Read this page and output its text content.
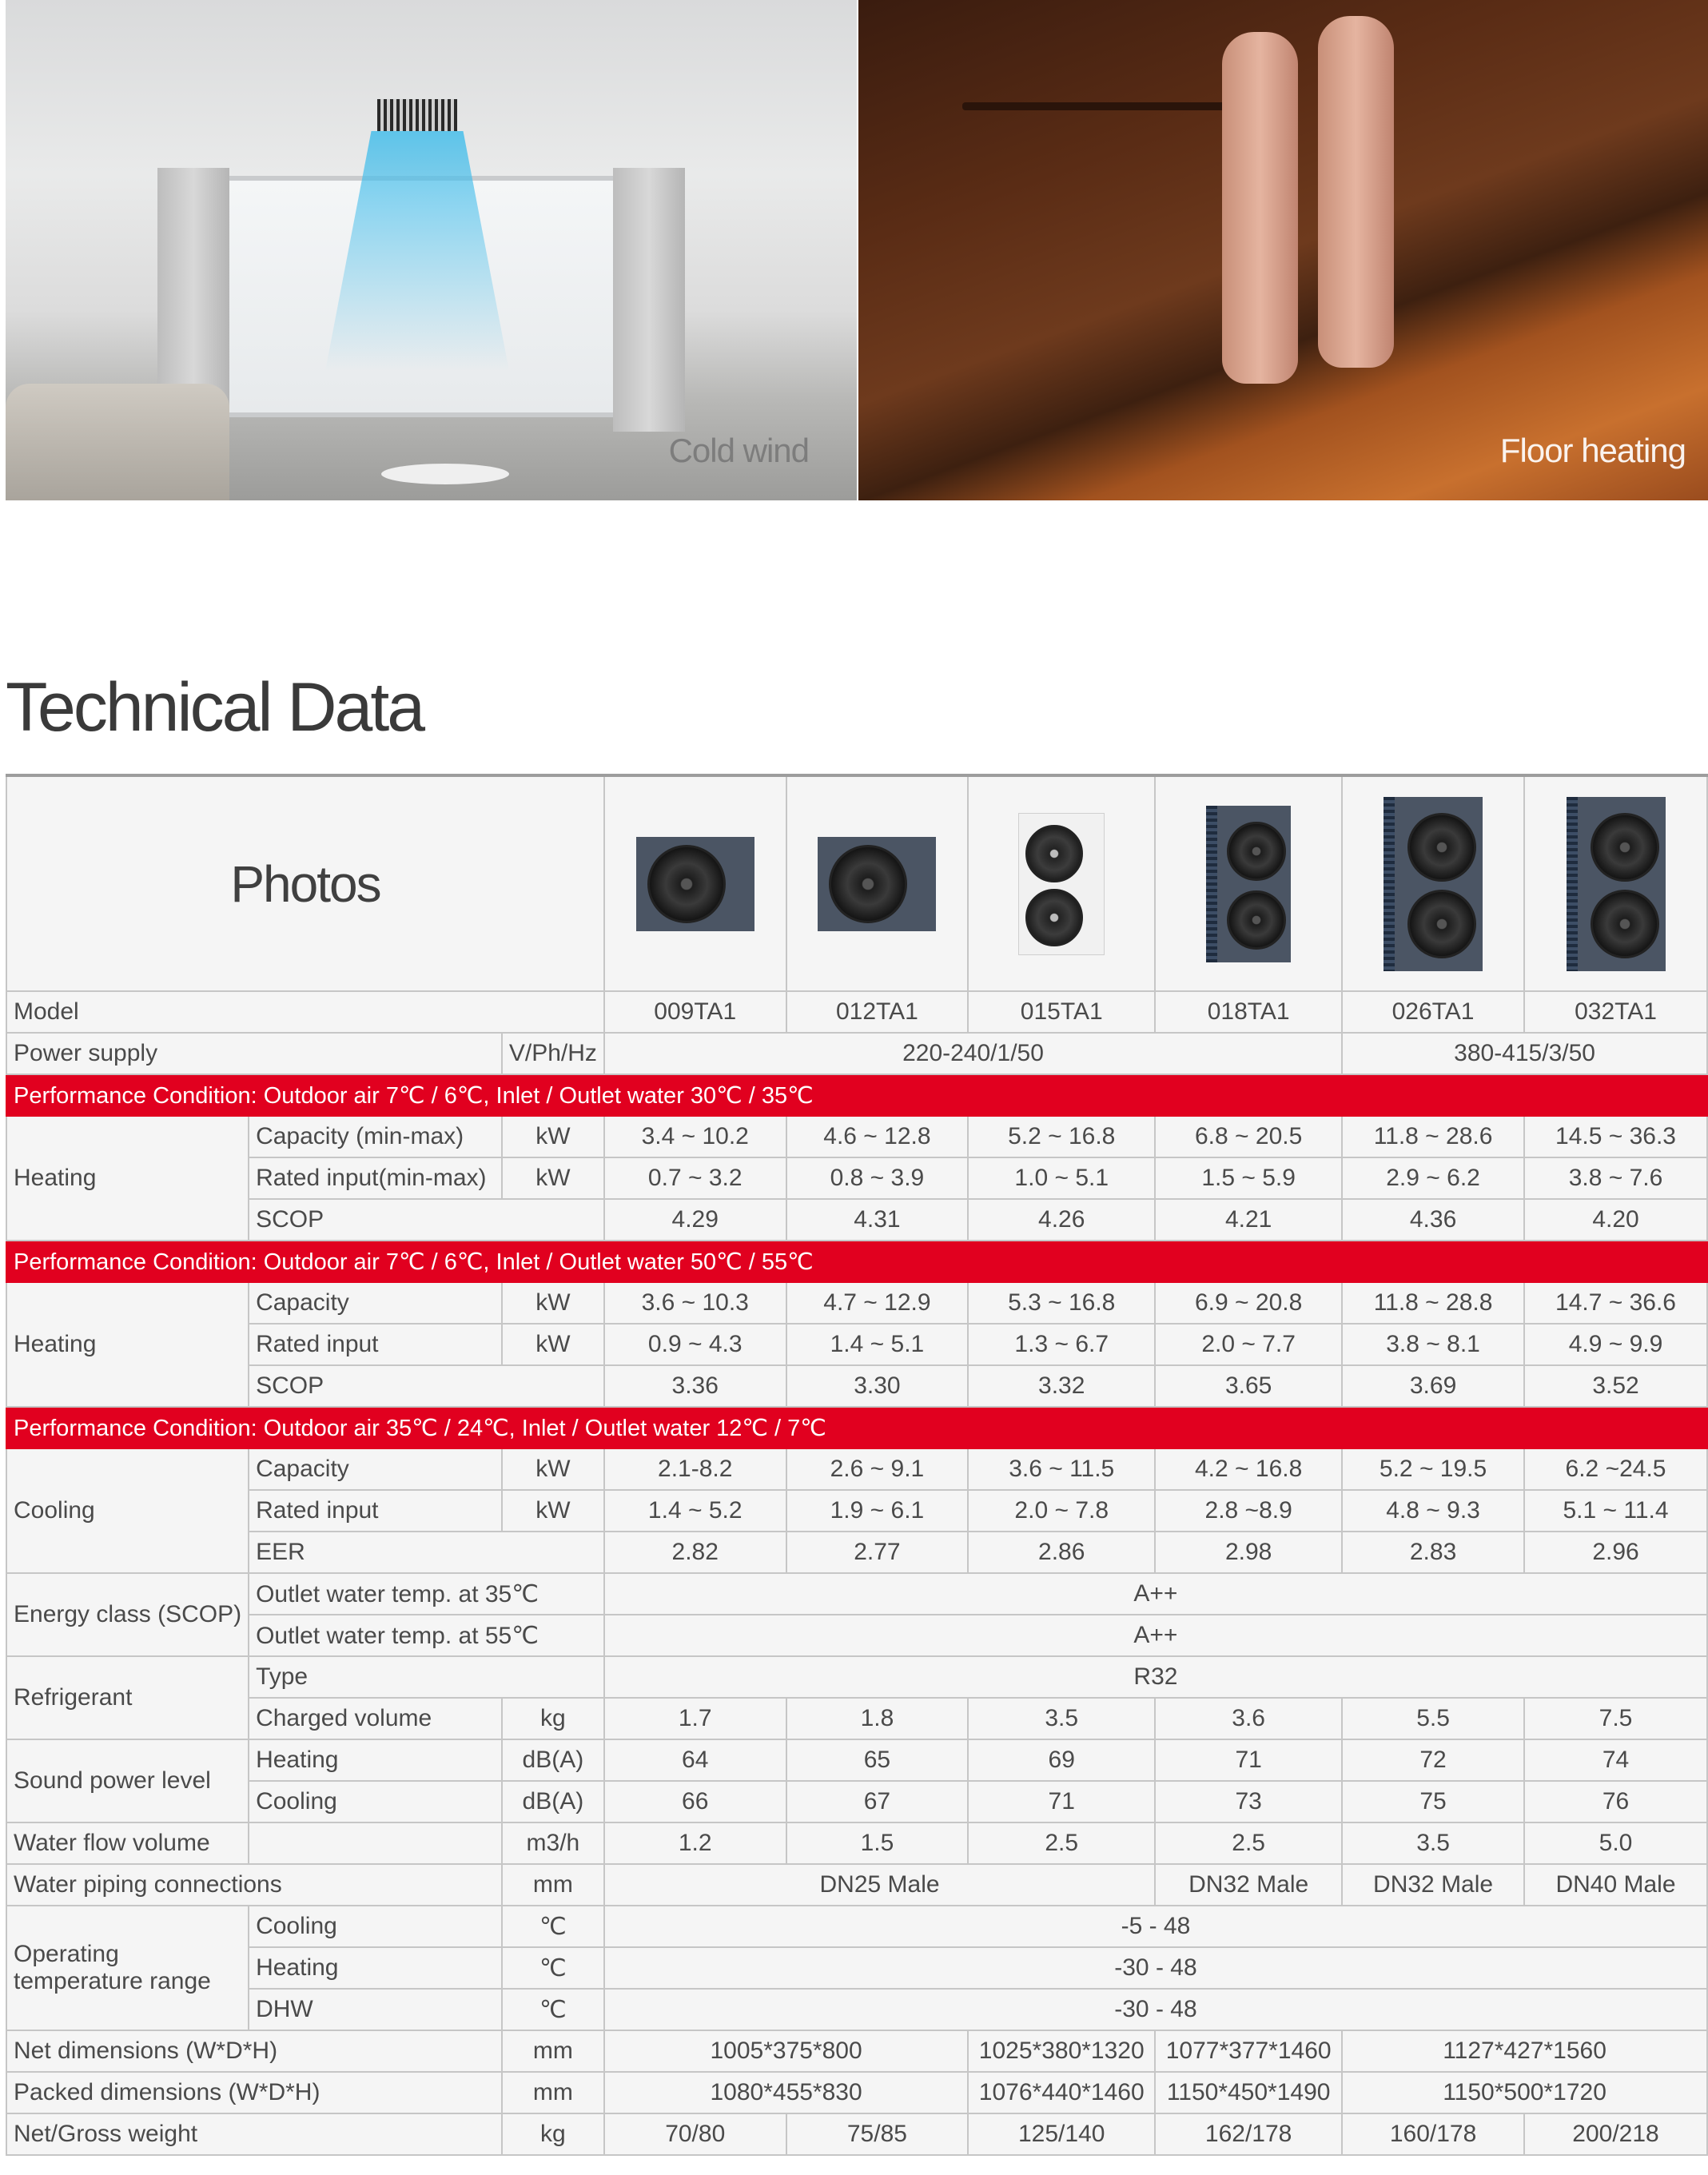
Cold wind	Floor heating
Technical Data
Photos			

Model			009TA1	012TA1	015TA1	018TA1	026TA1	032TA1
Power supply		V/Ph/Hz	220-240/1/50				380-415/3/50	
Performance Condition: Outdoor air 7℃ / 6℃, Inlet / Outlet water 30℃ / 35℃								
Heating	Capacity (min-max)	kW	3.4 ~ 10.2	4.6 ~ 12.8	5.2 ~ 16.8	6.8 ~ 20.5	11.8 ~ 28.6	14.5 ~ 36.3
	Rated input(min-max)	kW	0.7 ~ 3.2	0.8 ~ 3.9	1.0 ~ 5.1	1.5 ~ 5.9	2.9 ~ 6.2	3.8 ~ 7.6
	SCOP		4.29	4.31	4.26	4.21	4.36	4.20
Performance Condition: Outdoor air 7℃ / 6℃, Inlet / Outlet water 50℃ / 55℃								
Heating	Capacity	kW	3.6 ~ 10.3	4.7 ~ 12.9	5.3 ~ 16.8	6.9 ~ 20.8	11.8 ~ 28.8	14.7 ~ 36.6
	Rated input	kW	0.9 ~ 4.3	1.4 ~ 5.1	1.3 ~ 6.7	2.0 ~ 7.7	3.8 ~ 8.1	4.9 ~ 9.9
	SCOP		3.36	3.30	3.32	3.65	3.69	3.52
Performance Condition: Outdoor air 35℃ / 24℃, Inlet / Outlet water 12℃ / 7℃								
Cooling	Capacity	kW	2.1-8.2	2.6 ~ 9.1	3.6 ~ 11.5	4.2 ~ 16.8	5.2 ~ 19.5	6.2 ~24.5
	Rated input	kW	1.4 ~ 5.2	1.9 ~ 6.1	2.0 ~ 7.8	2.8 ~8.9	4.8 ~ 9.3	5.1 ~ 11.4
	EER		2.82	2.77	2.86	2.98	2.83	2.96
Energy class (SCOP)	Outlet water temp. at 35℃		A++					
	Outlet water temp. at 55℃		A++					
Refrigerant	Type		R32					
	Charged volume	kg	1.7	1.8	3.5	3.6	5.5	7.5
Sound power level	Heating	dB(A)	64	65	69	71	72	74
	Cooling	dB(A)	66	67	71	73	75	76
Water flow volume		m3/h	1.2	1.5	2.5	2.5	3.5	5.0
Water piping connections		mm	DN25 Male			DN32 Male	DN32 Male	DN40 Male

Operating
temperature range	Cooling	℃	-5 - 48					
	Heating	℃	-30 - 48					
	DHW	℃	-30 - 48					
Net dimensions (W*D*H)		mm	1005*375*800		1025*380*1320	1077*377*1460	1127*427*1560	
Packed dimensions (W*D*H)		mm	1080*455*830		1076*440*1460	1150*450*1490	1150*500*1720	
Net/Gross weight		kg	70/80	75/85	125/140	162/178	160/178	200/218
